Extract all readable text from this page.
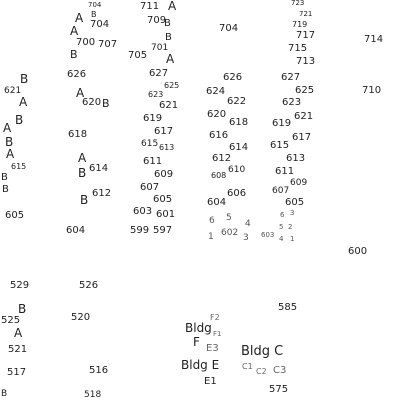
723
721
719
717
715
713
714
710
711
709
704
701
705
A
B
A
B
A 704
700 707
B
B
A
704
626	627
625
623
621
619
617
615 613
611
609
607
605
603 601
599 597
626
624
622
620
618
616
614
612
610
608
606
604
627
625
623
621
619
617
615
613
611
609
607
605
B
621
A
B
A
B
A
B
615
B
605
A
620 B
618
A
614
B
612
B
604
6 5
4
3
1 602	603
3
2
1
6
5
4
600
529	526
585
525
B
A
520
521
517	516
518
B	575
Bldg
F2
F1
F E3
Bldg E
E1
Bldg C
C1
C2 C3
